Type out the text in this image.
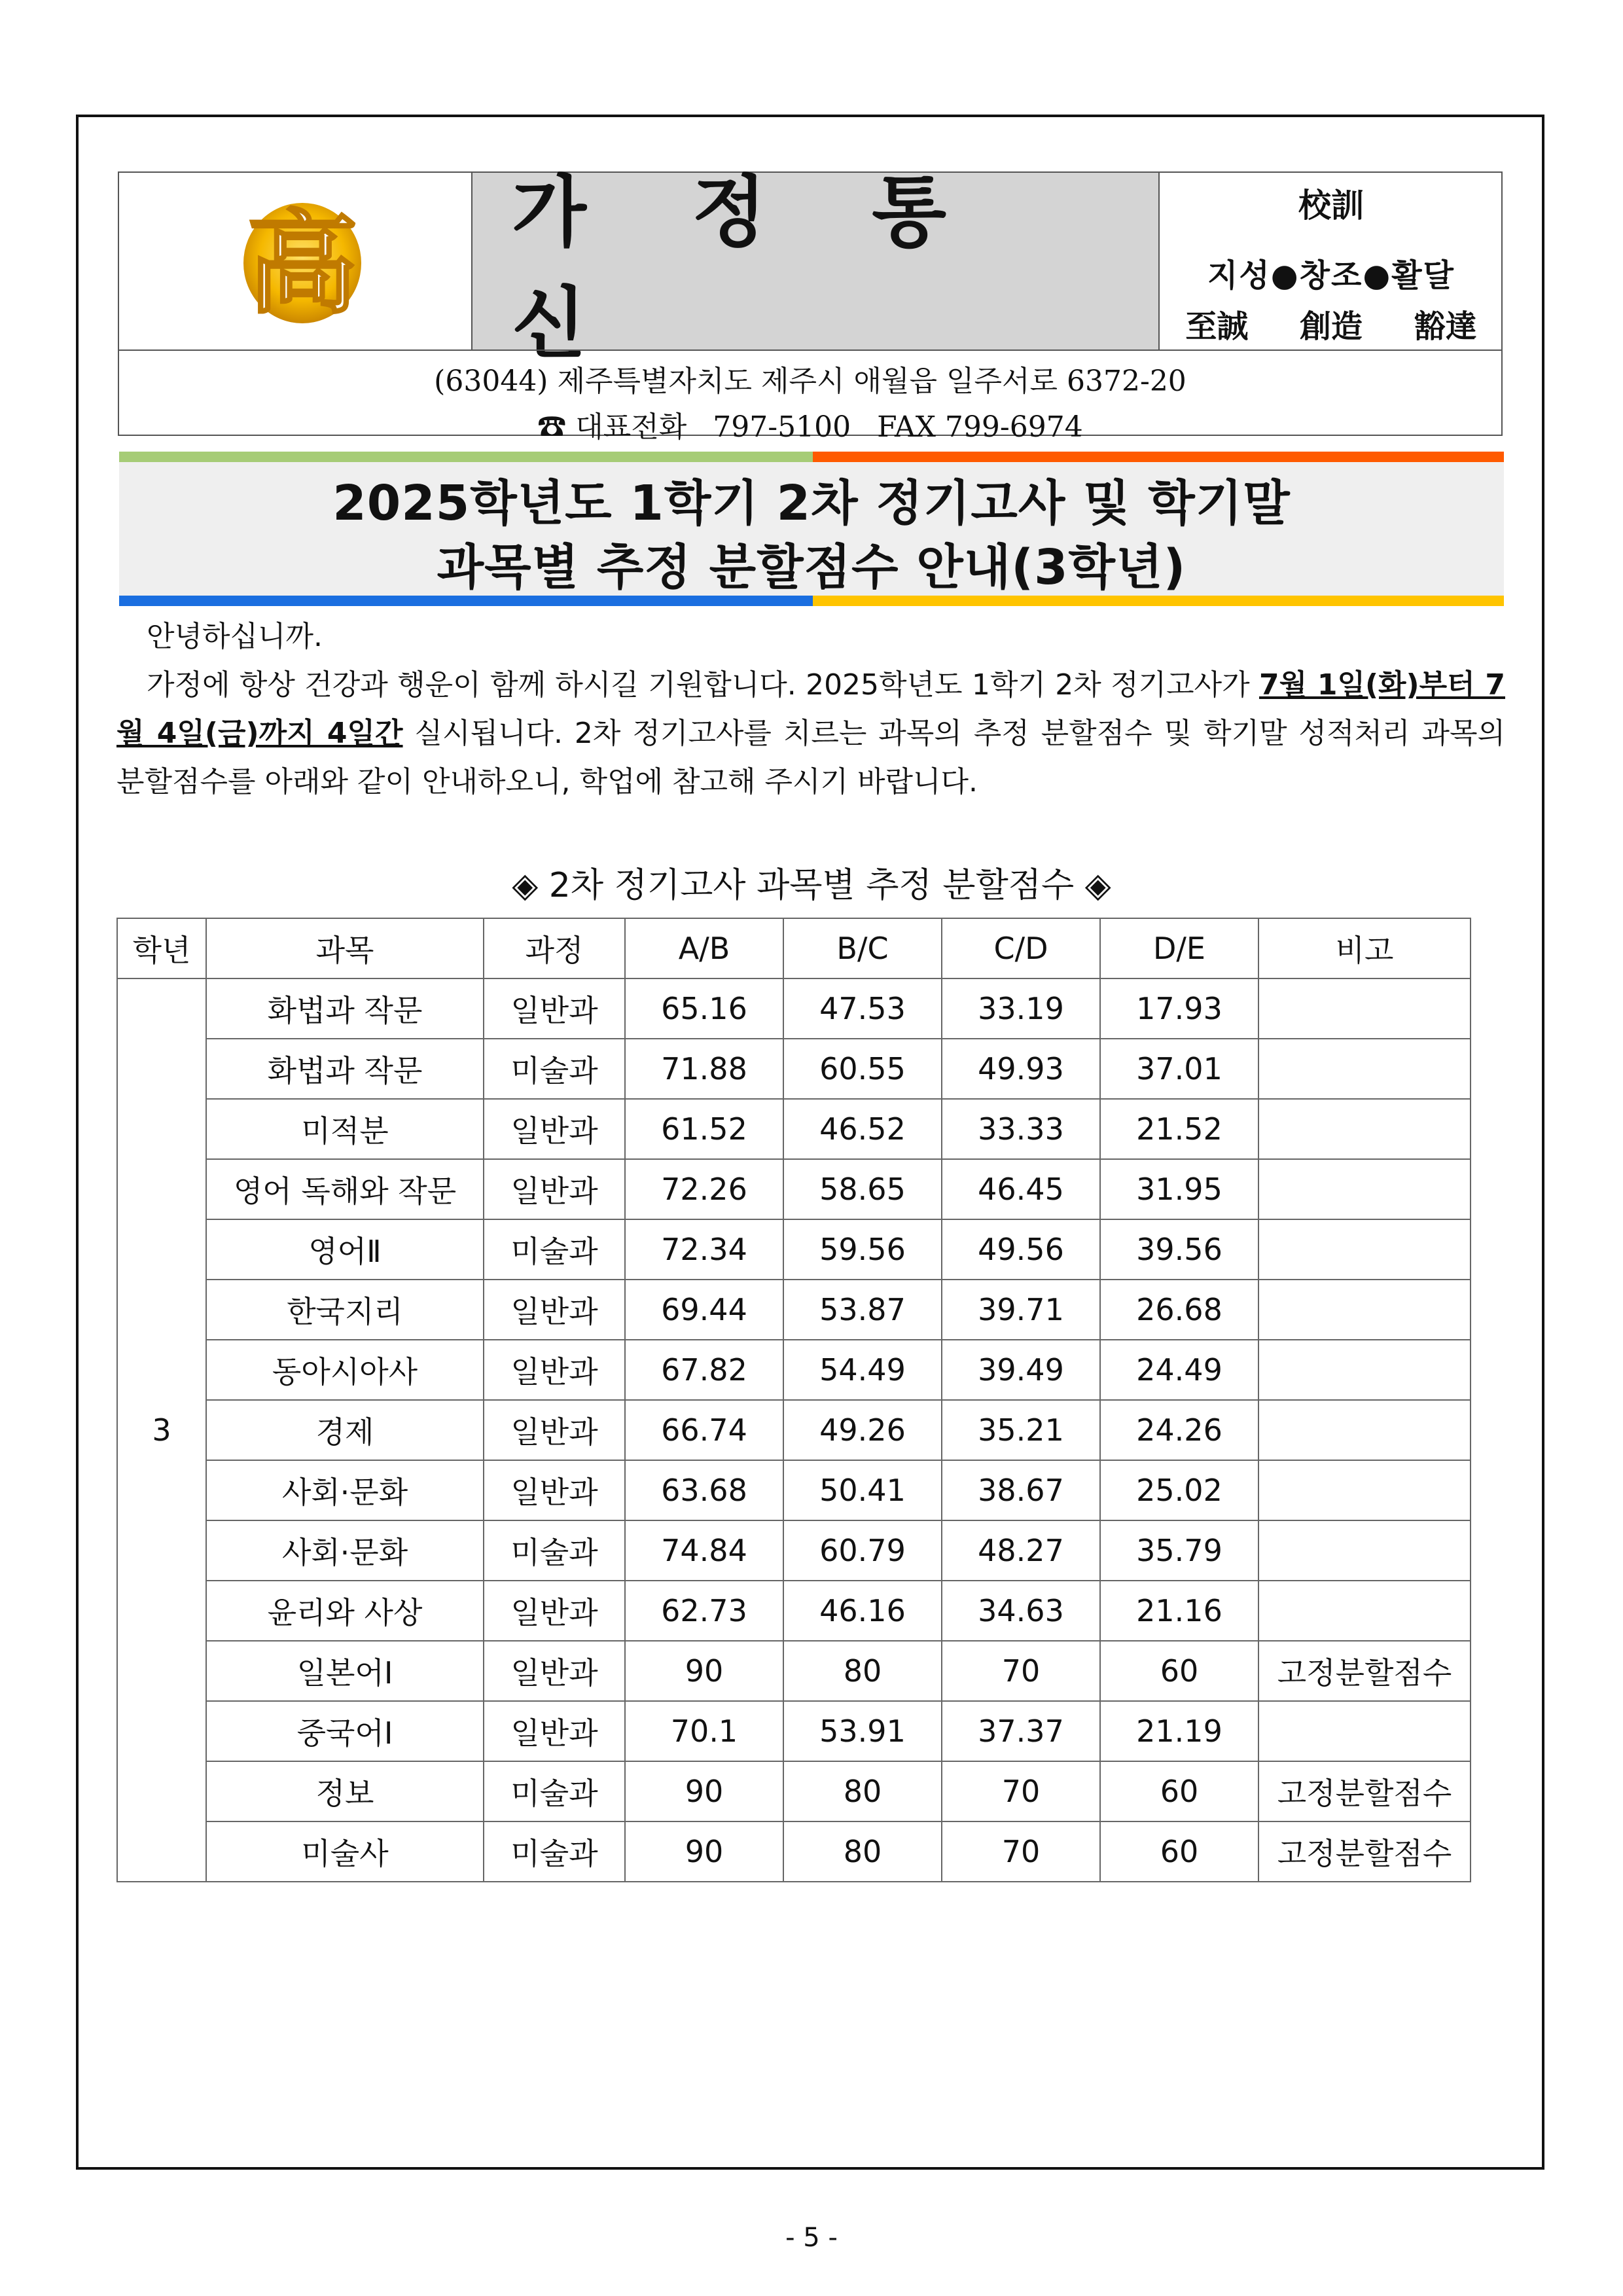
高	가 정 통 신
校訓
지성●창조●활달
至誠 創造 豁達
(63044) 제주특별자치도 제주시 애월읍 일주서로 6372-20
☎ 대표전화 797-5100 FAX 799-6974
2025학년도 1학기 2차 정기고사 및 학기말
과목별 추정 분할점수 안내(3학년)

안녕하십니까.

가정에 항상 건강과 행운이 함께 하시길 기원합니다. 2025학년도 1학기 2차 정기고사가 7월 1일(화)부터 7월 4일(금)까지 4일간 실시됩니다. 2차 정기고사를 치르는 과목의 추정 분할점수 및 학기말 성적처리 과목의 분할점수를 아래와 같이 안내하오니, 학업에 참고해 주시기 바랍니다.

◈ 2차 정기고사 과목별 추정 분할점수 ◈
학년	과목	과정	A/B	B/C	C/D	D/E	비고
3	화법과 작문	일반과	65.16	47.53	33.19	17.93	
	화법과 작문	미술과	71.88	60.55	49.93	37.01	
	미적분	일반과	61.52	46.52	33.33	21.52	
	영어 독해와 작문	일반과	72.26	58.65	46.45	31.95	
	영어Ⅱ	미술과	72.34	59.56	49.56	39.56	
	한국지리	일반과	69.44	53.87	39.71	26.68	
	동아시아사	일반과	67.82	54.49	39.49	24.49	
	경제	일반과	66.74	49.26	35.21	24.26	
	사회·문화	일반과	63.68	50.41	38.67	25.02	
	사회·문화	미술과	74.84	60.79	48.27	35.79	
	윤리와 사상	일반과	62.73	46.16	34.63	21.16	
	일본어Ⅰ	일반과	90	80	70	60	고정분할점수
	중국어Ⅰ	일반과	70.1	53.91	37.37	21.19	
	정보	미술과	90	80	70	60	고정분할점수
	미술사	미술과	90	80	70	60	고정분할점수
- 5 -
